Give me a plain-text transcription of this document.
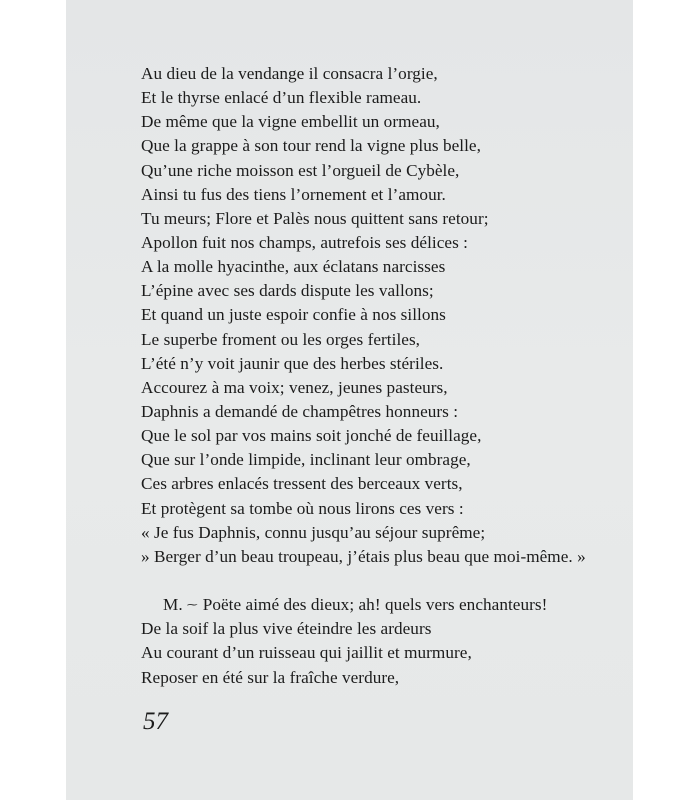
Au dieu de la vendange il consacra l’orgie,
Et le thyrse enlacé d’un flexible rameau.
De même que la vigne embellit un ormeau,
Que la grappe à son tour rend la vigne plus belle,
Qu’une riche moisson est l’orgueil de Cybèle,
Ainsi tu fus des tiens l’ornement et l’amour.
Tu meurs; Flore et Palès nous quittent sans retour;
Apollon fuit nos champs, autrefois ses délices :
A la molle hyacinthe, aux éclatans narcisses
L’épine avec ses dards dispute les vallons;
Et quand un juste espoir confie à nos sillons
Le superbe froment ou les orges fertiles,
L’été n’y voit jaunir que des herbes stériles.
Accourez à ma voix; venez, jeunes pasteurs,
Daphnis a demandé de champêtres honneurs :
Que le sol par vos mains soit jonché de feuillage,
Que sur l’onde limpide, inclinant leur ombrage,
Ces arbres enlacés tressent des berceaux verts,
Et protègent sa tombe où nous lirons ces vers :
« Je fus Daphnis, connu jusqu’au séjour suprême;
» Berger d’un beau troupeau, j’étais plus beau que moi-même. »
M. ⁓ Poëte aimé des dieux; ah! quels vers enchanteurs!
De la soif la plus vive éteindre les ardeurs
Au courant d’un ruisseau qui jaillit et murmure,
Reposer en été sur la fraîche verdure,
57
